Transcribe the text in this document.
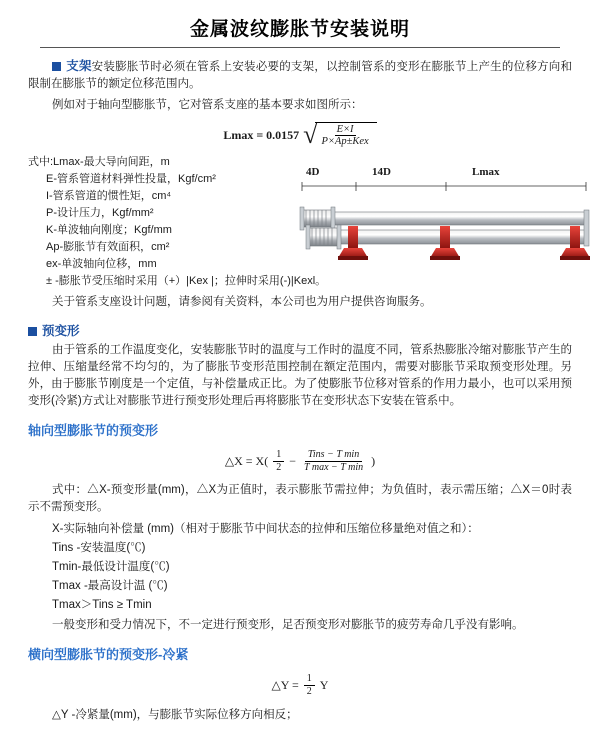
金属波纹膨胀节安装说明

支架安装膨胀节时必须在管系上安装必要的支架，以控制管系的变形在膨胀节上产生的位移方向和限制在膨胀节的额定位移范围内。

例如对于轴向型膨胀节，它对管系支座的基本要求如图所示：

Lmax = 0.0157 √
$\frac{E\times I}{\text{P×Ap±Kex}}$
式中:Lmax-最大导向间距，m
E-管系管道材料弹性投量，Kgf/cm²
I-管系管道的惯性矩，cm⁴
P-设计压力，Kgf/mm²
K-单波轴向刚度；Kgf/mm
Ap-膨胀节有效面积，cm²
ex-单波轴向位移，mm
± -膨胀节受压缩时采用（+）|Kex |；拉伸时采用(-)|Kexl。
4D	14D	Lmax

关于管系支座设计问题，请参阅有关资料，本公司也为用户提供咨询服务。

预变形

由于管系的工作温度变化，安装膨胀节时的温度与工作时的温度不同，管系热膨胀冷缩对膨胀节产生的拉伸、压缩量经常不均匀的，为了膨胀节变形范围控制在额定范围内，需要对膨胀节采取预变形处理。另外，由于膨胀节刚度是一个定值，与补偿量成正比。为了使膨胀节位移对管系的作用力最小，也可以采用预变形(冷紧)方式让对膨胀节进行预变形处理后再将膨胀节在变形状态下安装在管系中。

轴向型膨胀节的预变形
△X = $X( \frac{1}{2} - \frac{\text{Tins − T min}}{\text{T max − T min}}$ )

式中：△X-预变形量(mm)，△X为正值时，表示膨胀节需拉伸；为负值时，表示需压缩；△X＝0时表示不需预变形。

X-实际轴向补偿量 (mm)（相对于膨胀节中间状态的拉伸和压缩位移量绝对值之和）：
Tins -安装温度(℃)
Tmin-最低设计温度(℃)
Tmax -最高设计温 (℃)
Tmax＞Tins ≥ Tmin

一般变形和受力情况下，不一定进行预变形，足否预变形对膨胀节的疲劳寿命几乎没有影响。

横向型膨胀节的预变形-冷紧
△Y = $\frac{1}{2}$ Y
△Y -冷紧量(mm)，与膨胀节实际位移方向相反；
